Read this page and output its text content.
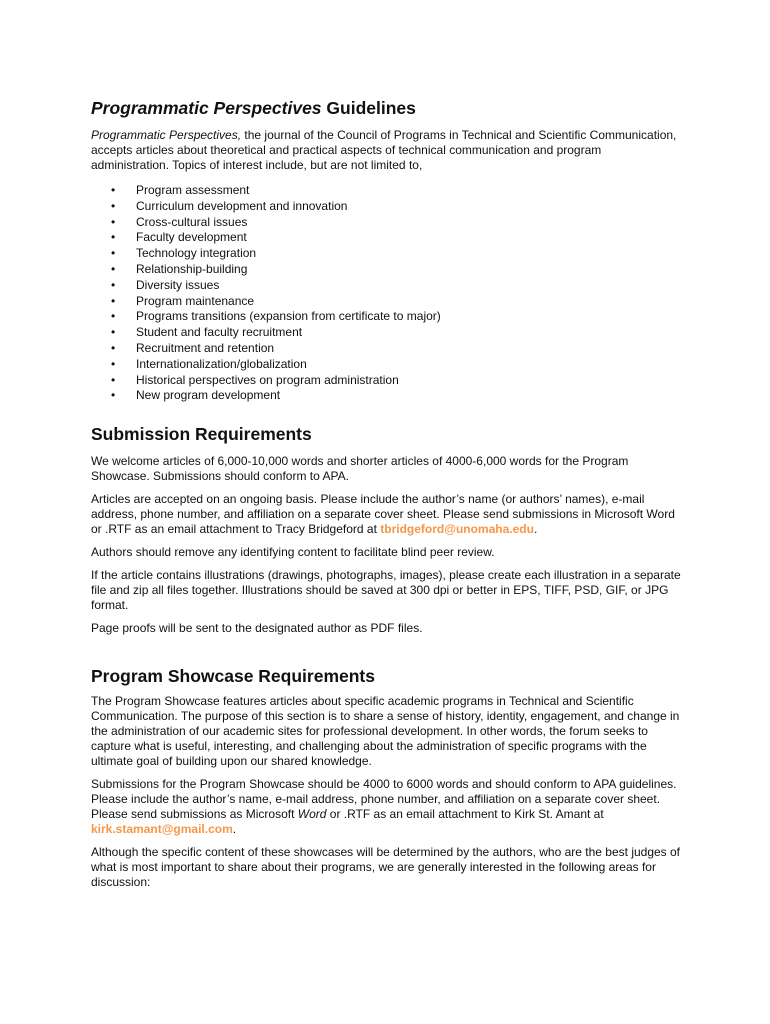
Programmatic Perspectives Guidelines

Programmatic Perspectives, the journal of the Council of Programs in Technical and Scientific Communication, accepts articles about theoretical and practical aspects of technical communication and program administration. Topics of interest include, but are not limited to,

• Program assessment
• Curriculum development and innovation
• Cross-cultural issues
• Faculty development
• Technology integration
• Relationship-building
• Diversity issues
• Program maintenance
• Programs transitions (expansion from certificate to major)
• Student and faculty recruitment
• Recruitment and retention
• Internationalization/globalization
• Historical perspectives on program administration
• New program development
Submission Requirements

We welcome articles of 6,000-10,000 words and shorter articles of 4000-6,000 words for the Program Showcase. Submissions should conform to APA.

Articles are accepted on an ongoing basis. Please include the author’s name (or authors’ names), e-mail address, phone number, and affiliation on a separate cover sheet. Please send submissions in Microsoft Word or .RTF as an email attachment to Tracy Bridgeford at tbridgeford@unomaha.edu.

Authors should remove any identifying content to facilitate blind peer review.

If the article contains illustrations (drawings, photographs, images), please create each illustration in a separate file and zip all files together. Illustrations should be saved at 300 dpi or better in EPS, TIFF, PSD, GIF, or JPG format.

Page proofs will be sent to the designated author as PDF files.

Program Showcase Requirements

The Program Showcase features articles about specific academic programs in Technical and Scientific Communication. The purpose of this section is to share a sense of history, identity, engagement, and change in the administration of our academic sites for professional development. In other words, the forum seeks to capture what is useful, interesting, and challenging about the administration of specific programs with the ultimate goal of building upon our shared knowledge.

Submissions for the Program Showcase should be 4000 to 6000 words and should conform to APA guidelines. Please include the author’s name, e-mail address, phone number, and affiliation on a separate cover sheet. Please send submissions as Microsoft Word or .RTF as an email attachment to Kirk St. Amant at kirk.stamant@gmail.com.

Although the specific content of these showcases will be determined by the authors, who are the best judges of what is most important to share about their programs, we are generally interested in the following areas for discussion:
